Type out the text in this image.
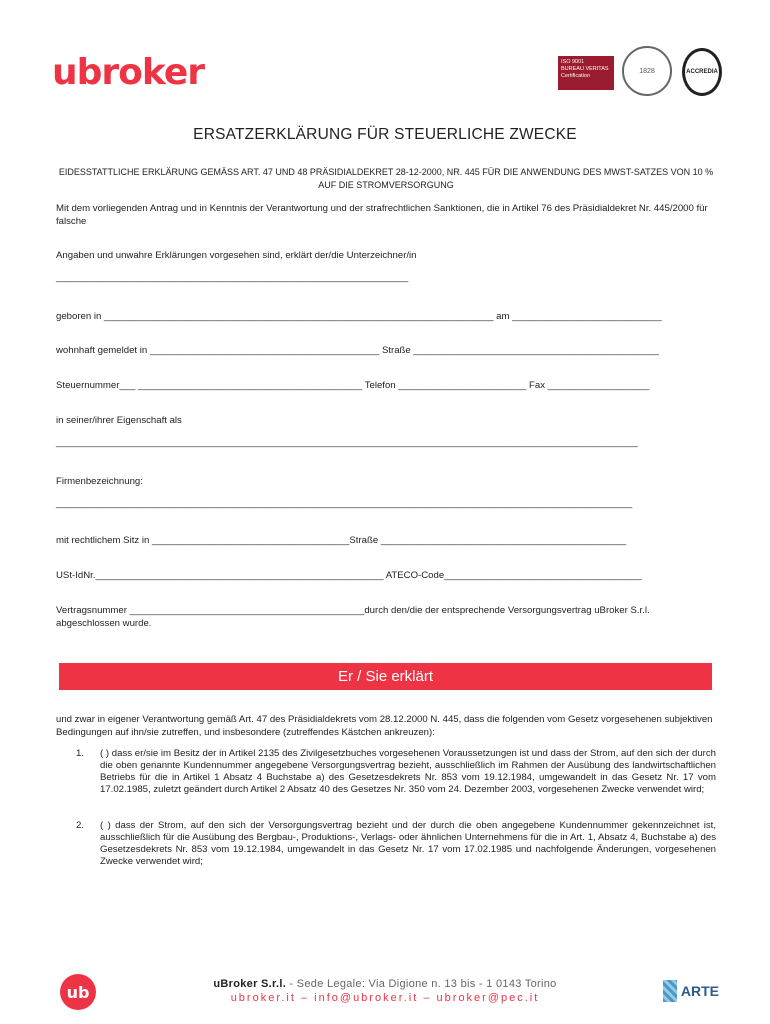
ubroker	ISO 9001
BUREAU VERITAS
Certification
1828	ACCREDIA
ERSATZERKLÄRUNG FÜR STEUERLICHE ZWECKE
EIDESSTATTLICHE ERKLÄRUNG GEMÄSS ART. 47 UND 48 PRÄSIDIALDEKRET 28-12-2000, NR. 445 FÜR DIE ANWENDUNG DES MWST-SATZES VON 10 % AUF DIE STROMVERSORGUNG
Mit dem vorliegenden Antrag und in Kenntnis der Verantwortung und der strafrechtlichen Sanktionen, die in Artikel 76 des Präsidialdekret Nr. 445/2000 für falsche
Angaben und unwahre Erklärungen vorgesehen sind, erklärt der/die Unterzeichner/in
__________________________________________________________________
geboren in _________________________________________________________________________ am ____________________________
wohnhaft gemeldet in ___________________________________________ Straße ______________________________________________
Steuernummer___ __________________________________________ Telefon ________________________ Fax ___________________
in seiner/ihrer Eigenschaft als
_____________________________________________________________________________________________________________
Firmenbezeichnung:
____________________________________________________________________________________________________________
mit rechtlichem Sitz in _____________________________________Straße ______________________________________________
USt-IdNr.______________________________________________________ ATECO-Code_____________________________________
Vertragsnummer ____________________________________________durch den/die der entsprechende Versorgungsvertrag uBroker S.r.l. abgeschlossen wurde.
Er / Sie erklärt
und zwar in eigener Verantwortung gemäß Art. 47 des Präsidialdekrets vom 28.12.2000 N. 445, dass die folgenden vom Gesetz vorgesehenen subjektiven Bedingungen auf ihn/sie zutreffen, und insbesondere (zutreffendes Kästchen ankreuzen):
1. ( ) dass er/sie im Besitz der in Artikel 2135 des Zivilgesetzbuches vorgesehenen Voraussetzungen ist und dass der Strom, auf den sich der durch die oben genannte Kundennummer angegebene Versorgungsvertrag bezieht, ausschließlich im Rahmen der Ausübung des landwirtschaftlichen Betriebs für die in Artikel 1 Absatz 4 Buchstabe a) des Gesetzesdekrets Nr. 853 vom 19.12.1984, umgewandelt in das Gesetz Nr. 17 vom 17.02.1985, zuletzt geändert durch Artikel 2 Absatz 40 des Gesetzes Nr. 350 vom 24. Dezember 2003, vorgesehenen Zwecke verwendet wird;
2. ( ) dass der Strom, auf den sich der Versorgungsvertrag bezieht und der durch die oben angegebene Kundennummer gekennzeichnet ist, ausschließlich für die Ausübung des Bergbau-, Produktions-, Verlags- oder ähnlichen Unternehmens für die in Art. 1, Absatz 4, Buchstabe a) des Gesetzesdekrets Nr. 853 vom 19.12.1984, umgewandelt in das Gesetz Nr. 17 vom 17.02.1985 und nachfolgende Änderungen, vorgesehenen Zwecke verwendet wird;
ub	uBroker S.r.l. - Sede Legale: Via Digione n. 13 bis - 1 0143 Torino
ubroker.it – info@ubroker.it – ubroker@pec.it	ARTE
